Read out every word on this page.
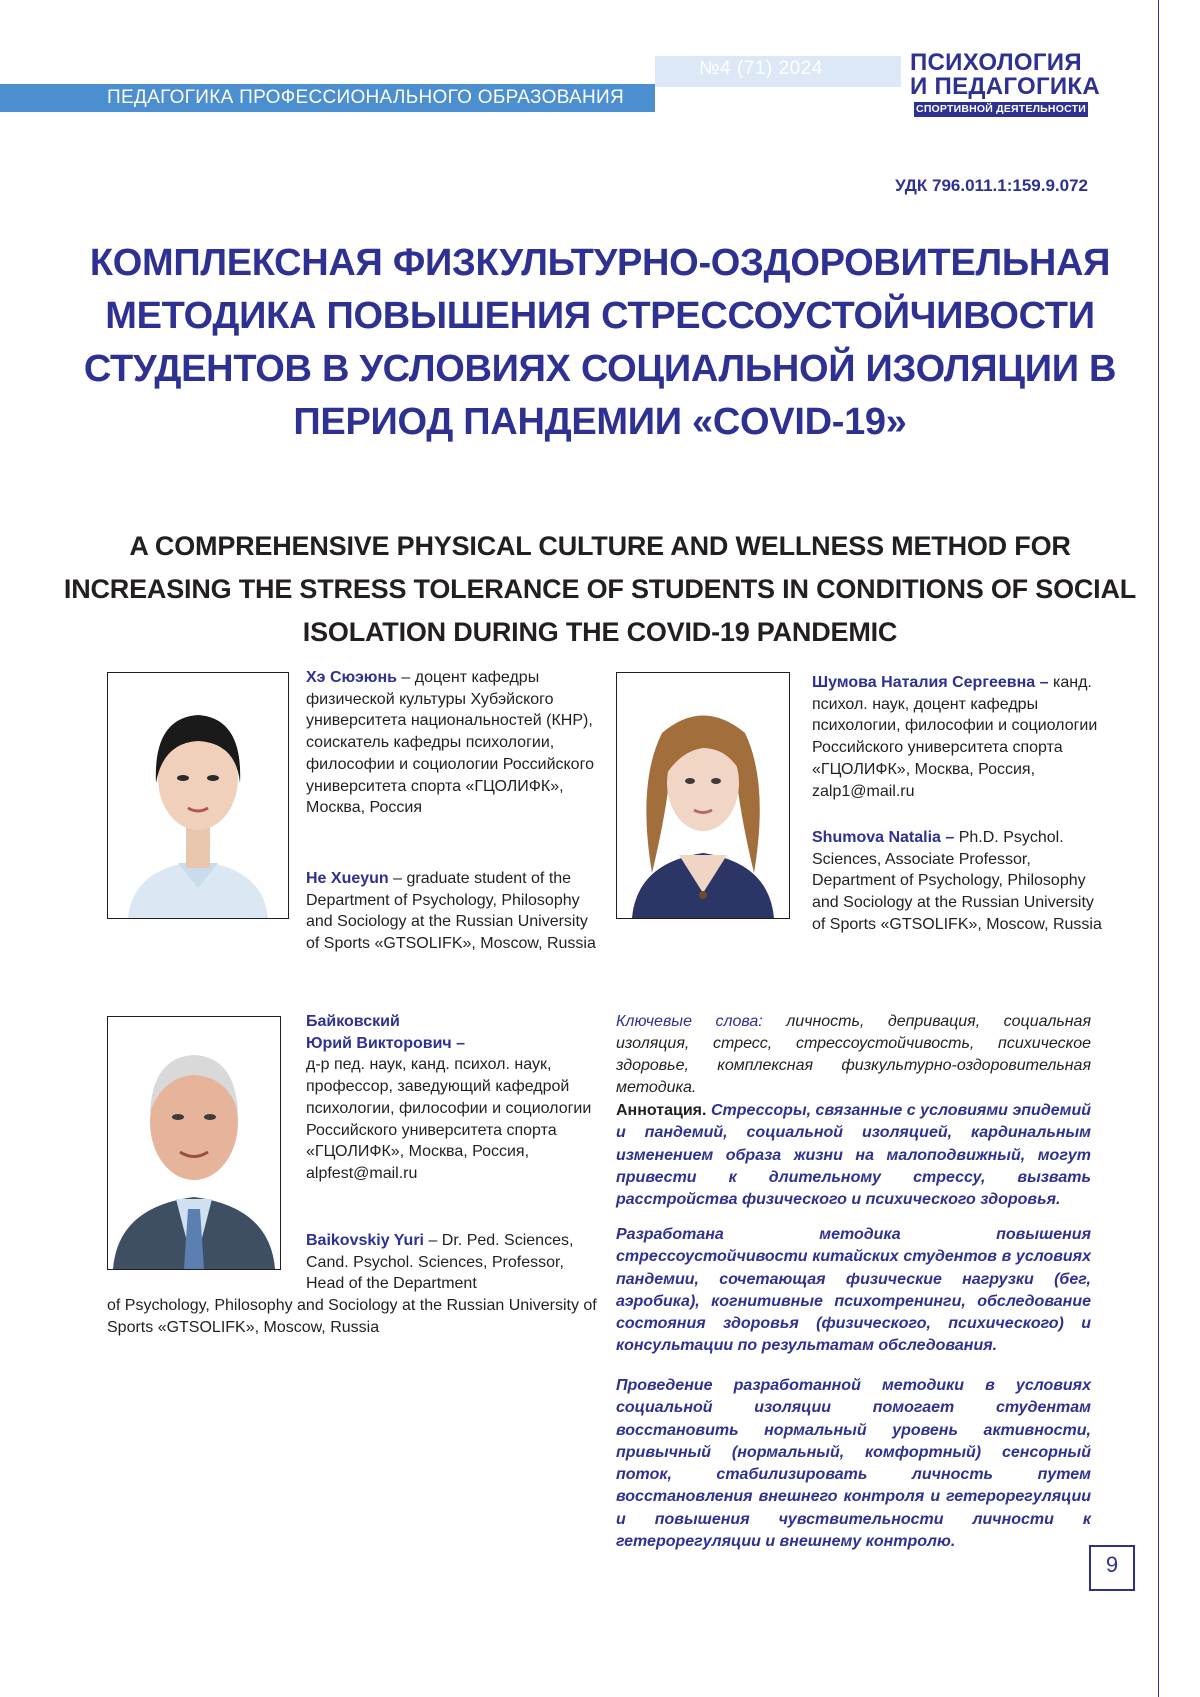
ПЕДАГОГИКА ПРОФЕССИОНАЛЬНОГО ОБРАЗОВАНИЯ
№4 (71) 2024	ПСИХОЛОГИЯ
И ПЕДАГОГИКА
СПОРТИВНОЙ ДЕЯТЕЛЬНОСТИ
УДК 796.011.1:159.9.072
КОМПЛЕКСНАЯ ФИЗКУЛЬТУРНО-ОЗДОРОВИТЕЛЬНАЯ МЕТОДИКА ПОВЫШЕНИЯ СТРЕССОУСТОЙЧИВОСТИ СТУДЕНТОВ В УСЛОВИЯХ СОЦИАЛЬНОЙ ИЗОЛЯЦИИ В ПЕРИОД ПАНДЕМИИ «COVID-19»
A COMPREHENSIVE PHYSICAL CULTURE AND WELLNESS METHOD FOR INCREASING THE STRESS TOLERANCE OF STUDENTS IN CONDITIONS OF SOCIAL ISOLATION DURING THE COVID-19 PANDEMIC
Хэ Сюэюнь – доцент кафедры физической культуры Хубэйского университета национальностей (КНР), соискатель кафедры психологии, философии и социологии Российского университета спорта «ГЦОЛИФК», Москва, Россия
He Xueyun – graduate student of the Department of Psychology, Philosophy and Sociology at the Russian University of Sports «GTSOLIFK», Moscow, Russia
Шумова Наталия Сергеевна – канд. психол. наук, доцент кафедры психологии, философии и социологии Российского университета спорта «ГЦОЛИФК», Москва, Россия, zalp1@mail.ru
Shumova Natalia – Ph.D. Psychol. Sciences, Associate Professor, Department of Psychology, Philosophy and Sociology at the Russian University of Sports «GTSOLIFK», Moscow, Russia

Байковский

Юрий Викторович –

д-р пед. наук, канд. психол. наук, профессор, заведующий кафедрой психологии, философии и социологии Российского университета спорта «ГЦОЛИФК», Москва, Россия, alpfest@mail.ru

Baikovskiy Yuri – Dr. Ped. Sciences, Cand. Psychol. Sciences, Professor, Head of the Department
of Psychology, Philosophy and Sociology at the Russian University of Sports «GTSOLIFK», Moscow, Russia
Ключевые слова: личность, депривация, социальная изоляция, стресс, стрессоустойчивость, психическое здоровье, комплексная физкультурно-оздоровительная методика.
Аннотация. Стрессоры, связанные с условиями эпидемий и пандемий, социальной изоляцией, кардинальным изменением образа жизни на малоподвижный, могут привести к длительному стрессу, вызвать расстройства физического и психического здоровья.
Разработана методика повышения стрессоустойчивости китайских студентов в условиях пандемии, сочетающая физические нагрузки (бег, аэробика), когнитивные психотренинги, обследование состояния здоровья (физического, психического) и консультации по результатам обследования.
Проведение разработанной методики в условиях социальной изоляции помогает студентам восстановить нормальный уровень активности, привычный (нормальный, комфортный) сенсорный поток, стабилизировать личность путем восстановления внешнего контроля и гетерорегуляции и повышения чувствительности личности к гетерорегуляции и внешнему контролю.
9
